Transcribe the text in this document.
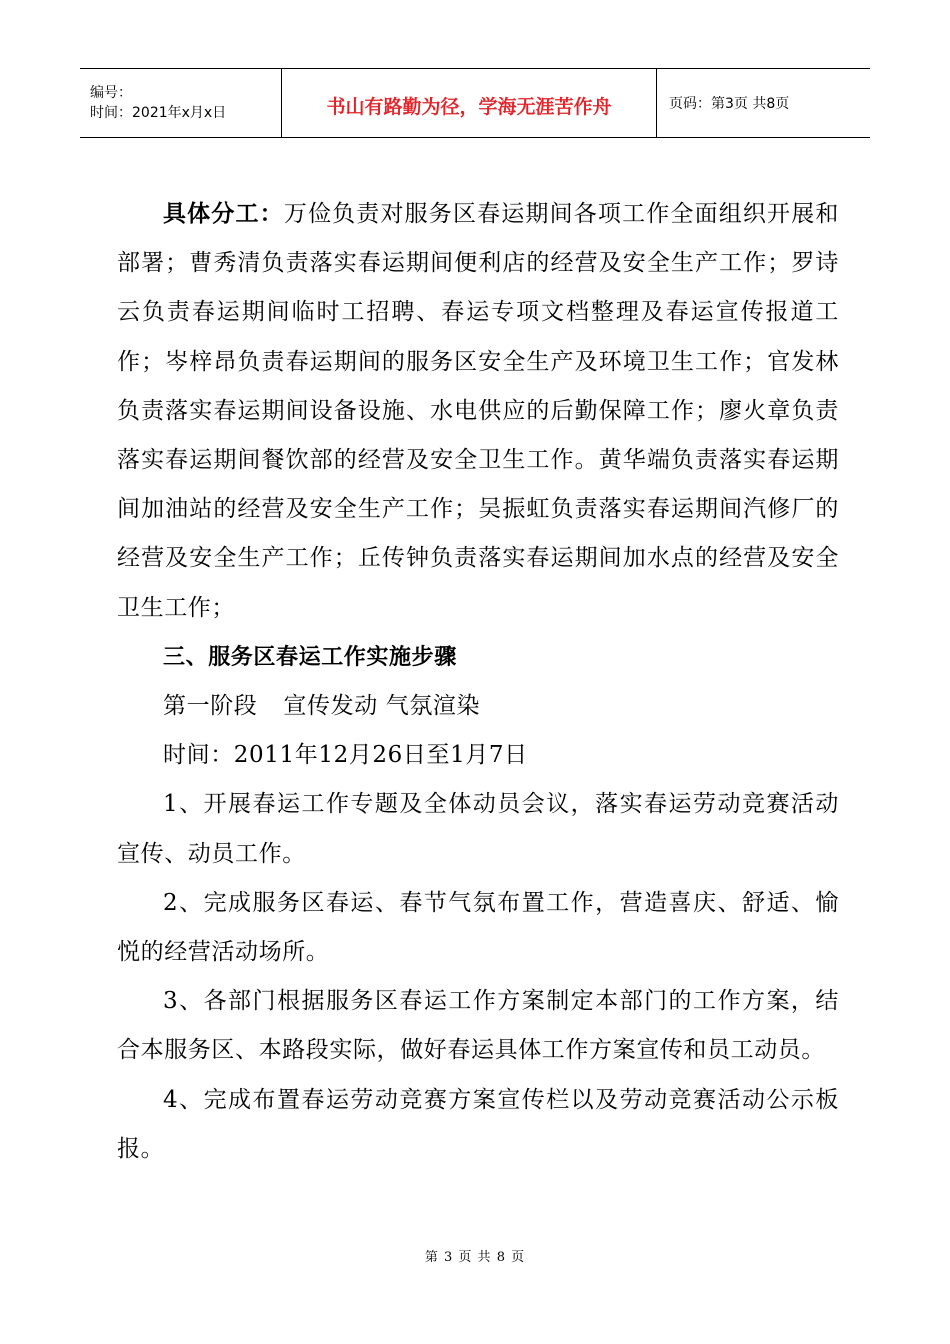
编号：
时间：2021年x月x日	书山有路勤为径，学海无涯苦作舟	页码：第3页 共8页

具体分工：万俭负责对服务区春运期间各项工作全面组织开展和部署；曹秀清负责落实春运期间便利店的经营及安全生产工作；罗诗云负责春运期间临时工招聘、春运专项文档整理及春运宣传报道工作；岑梓昂负责春运期间的服务区安全生产及环境卫生工作；官发林负责落实春运期间设备设施、水电供应的后勤保障工作；廖火章负责落实春运期间餐饮部的经营及安全卫生工作。黄华端负责落实春运期间加油站的经营及安全生产工作；吴振虹负责落实春运期间汽修厂的经营及安全生产工作；丘传钟负责落实春运期间加水点的经营及安全卫生工作；

三、服务区春运工作实施步骤

第一阶段 宣传发动 气氛渲染

时间：2011年12月26日至1月7日

1、开展春运工作专题及全体动员会议，落实春运劳动竞赛活动宣传、动员工作。

2、完成服务区春运、春节气氛布置工作，营造喜庆、舒适、愉悦的经营活动场所。

3、各部门根据服务区春运工作方案制定本部门的工作方案，结合本服务区、本路段实际，做好春运具体工作方案宣传和员工动员。

4、完成布置春运劳动竞赛方案宣传栏以及劳动竞赛活动公示板报。

第 3 页 共 8 页
